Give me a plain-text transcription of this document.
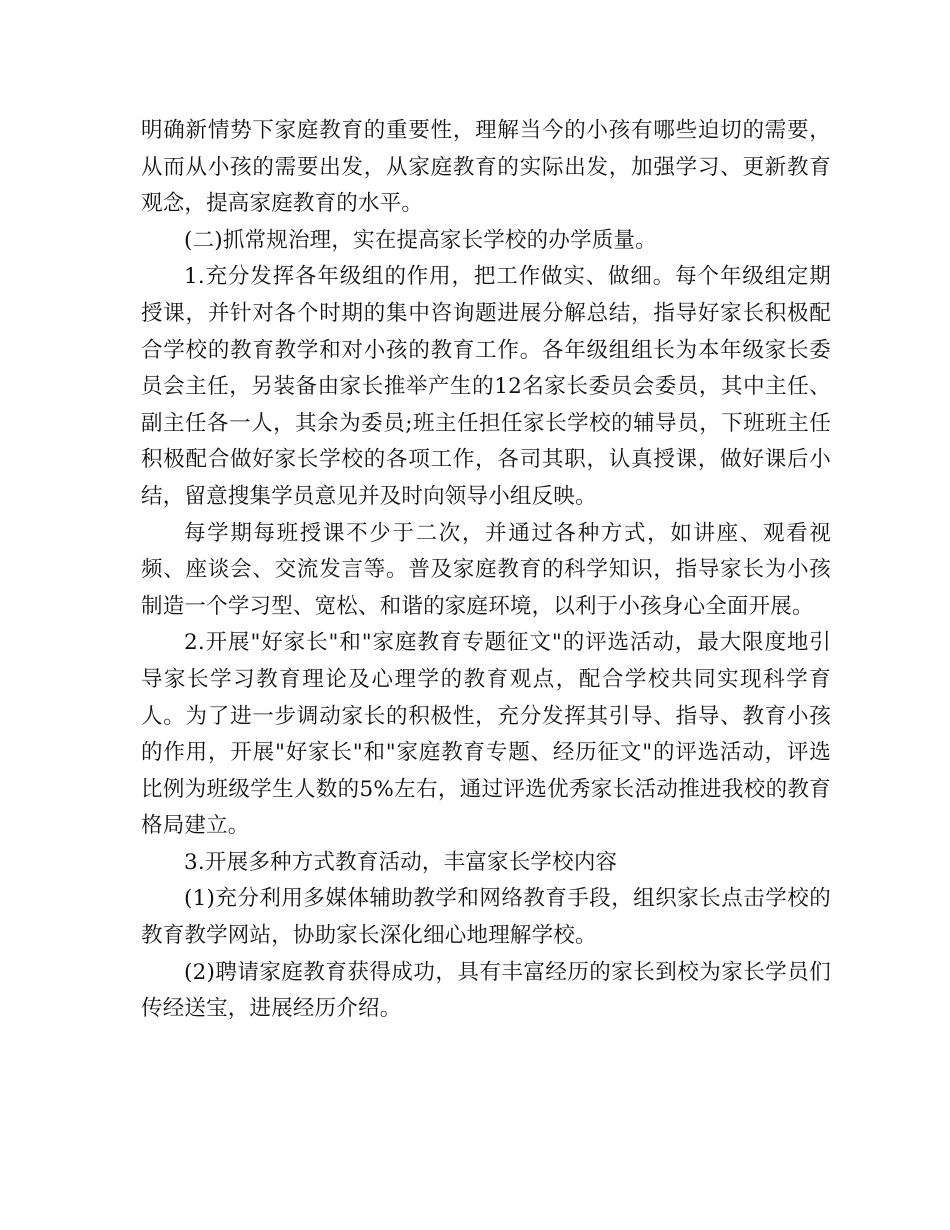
明确新情势下家庭教育的重要性，理解当今的小孩有哪些迫切的需要，从而从小孩的需要出发，从家庭教育的实际出发，加强学习、更新教育观念，提高家庭教育的水平。

(二)抓常规治理，实在提高家长学校的办学质量。

1.充分发挥各年级组的作用，把工作做实、做细。每个年级组定期授课，并针对各个时期的集中咨询题进展分解总结，指导好家长积极配合学校的教育教学和对小孩的教育工作。各年级组组长为本年级家长委员会主任，另装备由家长推举产生的12名家长委员会委员，其中主任、副主任各一人，其余为委员;班主任担任家长学校的辅导员，下班班主任积极配合做好家长学校的各项工作，各司其职，认真授课，做好课后小结，留意搜集学员意见并及时向领导小组反映。

每学期每班授课不少于二次，并通过各种方式，如讲座、观看视频、座谈会、交流发言等。普及家庭教育的科学知识，指导家长为小孩制造一个学习型、宽松、和谐的家庭环境，以利于小孩身心全面开展。

2.开展"好家长"和"家庭教育专题征文"的评选活动，最大限度地引导家长学习教育理论及心理学的教育观点，配合学校共同实现科学育人。为了进一步调动家长的积极性，充分发挥其引导、指导、教育小孩的作用，开展"好家长"和"家庭教育专题、经历征文"的评选活动，评选比例为班级学生人数的5%左右，通过评选优秀家长活动推进我校的教育格局建立。

3.开展多种方式教育活动，丰富家长学校内容

(1)充分利用多媒体辅助教学和网络教育手段，组织家长点击学校的教育教学网站，协助家长深化细心地理解学校。

(2)聘请家庭教育获得成功，具有丰富经历的家长到校为家长学员们传经送宝，进展经历介绍。
